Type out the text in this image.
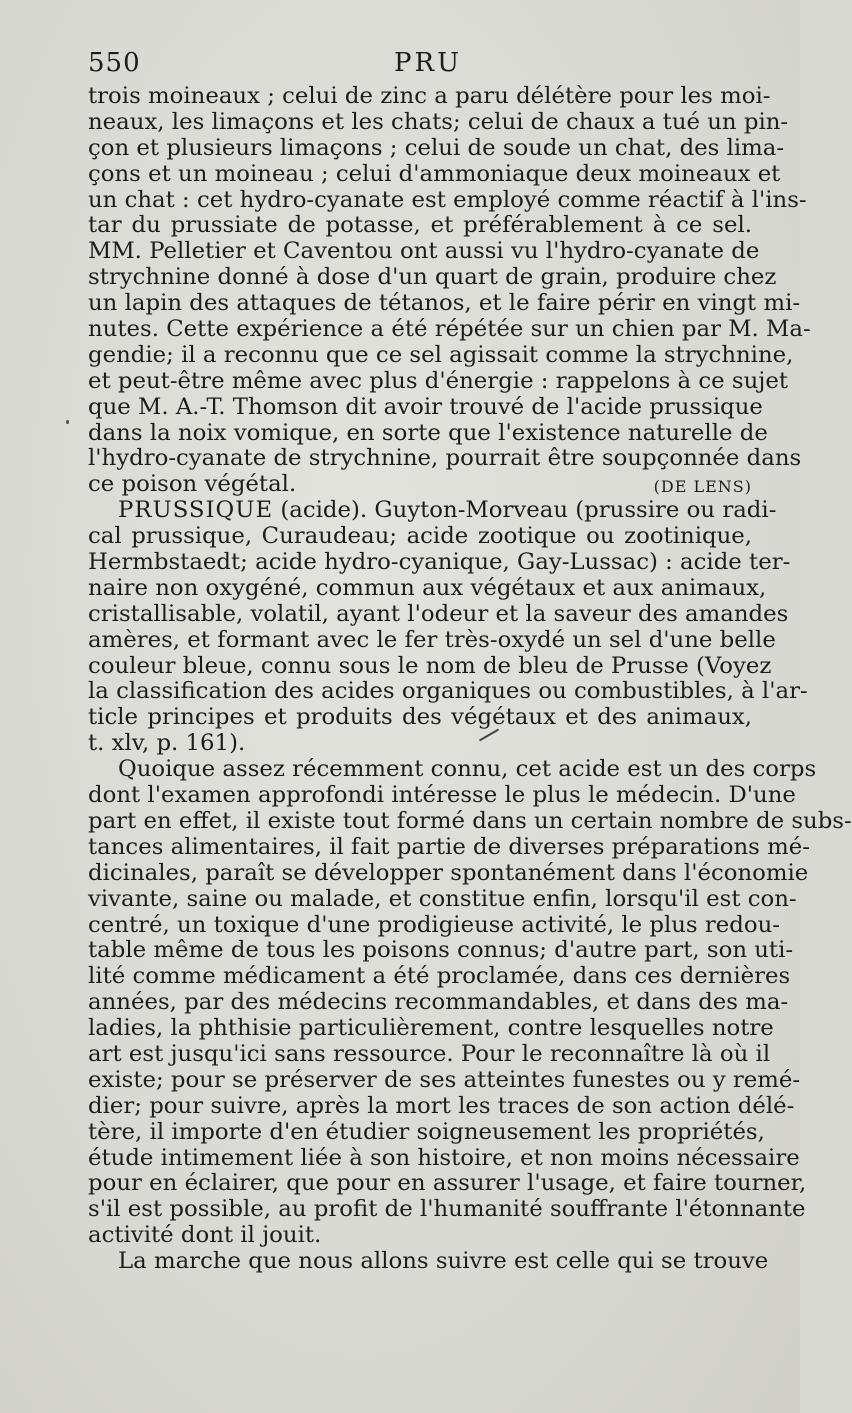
550	PRU
trois moineaux ; celui de zinc a paru délétère pour les moi-
neaux, les limaçons et les chats; celui de chaux a tué un pin-
çon et plusieurs limaçons ; celui de soude un chat, des lima-
çons et un moineau ; celui d'ammoniaque deux moineaux et
un chat : cet hydro-cyanate est employé comme réactif à l'ins-
tar du prussiate de potasse, et préférablement à ce sel.
MM. Pelletier et Caventou ont aussi vu l'hydro-cyanate de
strychnine donné à dose d'un quart de grain, produire chez
un lapin des attaques de tétanos, et le faire périr en vingt mi-
nutes. Cette expérience a été répétée sur un chien par M. Ma-
gendie; il a reconnu que ce sel agissait comme la strychnine,
et peut-être même avec plus d'énergie : rappelons à ce sujet
que M. A.-T. Thomson dit avoir trouvé de l'acide prussique
dans la noix vomique, en sorte que l'existence naturelle de
l'hydro-cyanate de strychnine, pourrait être soupçonnée dans
ce poison végétal.	(DE LENS)
PRUSSIQUE (acide). Guyton-Morveau (prussire ou radi-
cal prussique, Curaudeau; acide zootique ou zootinique,
Hermbstaedt; acide hydro-cyanique, Gay-Lussac) : acide ter-
naire non oxygéné, commun aux végétaux et aux animaux,
cristallisable, volatil, ayant l'odeur et la saveur des amandes
amères, et formant avec le fer très-oxydé un sel d'une belle
couleur bleue, connu sous le nom de bleu de Prusse (Voyez
la classification des acides organiques ou combustibles, à l'ar-
ticle principes et produits des végétaux et des animaux,
t. xlv, p. 161).
Quoique assez récemment connu, cet acide est un des corps
dont l'examen approfondi intéresse le plus le médecin. D'une
part en effet, il existe tout formé dans un certain nombre de subs-
tances alimentaires, il fait partie de diverses préparations mé-
dicinales, paraît se développer spontanément dans l'économie
vivante, saine ou malade, et constitue enfin, lorsqu'il est con-
centré, un toxique d'une prodigieuse activité, le plus redou-
table même de tous les poisons connus; d'autre part, son uti-
lité comme médicament a été proclamée, dans ces dernières
années, par des médecins recommandables, et dans des ma-
ladies, la phthisie particulièrement, contre lesquelles notre
art est jusqu'ici sans ressource. Pour le reconnaître là où il
existe; pour se préserver de ses atteintes funestes ou y remé-
dier; pour suivre, après la mort les traces de son action délé-
tère, il importe d'en étudier soigneusement les propriétés,
étude intimement liée à son histoire, et non moins nécessaire
pour en éclairer, que pour en assurer l'usage, et faire tourner,
s'il est possible, au profit de l'humanité souffrante l'étonnante
activité dont il jouit.
La marche que nous allons suivre est celle qui se trouve
